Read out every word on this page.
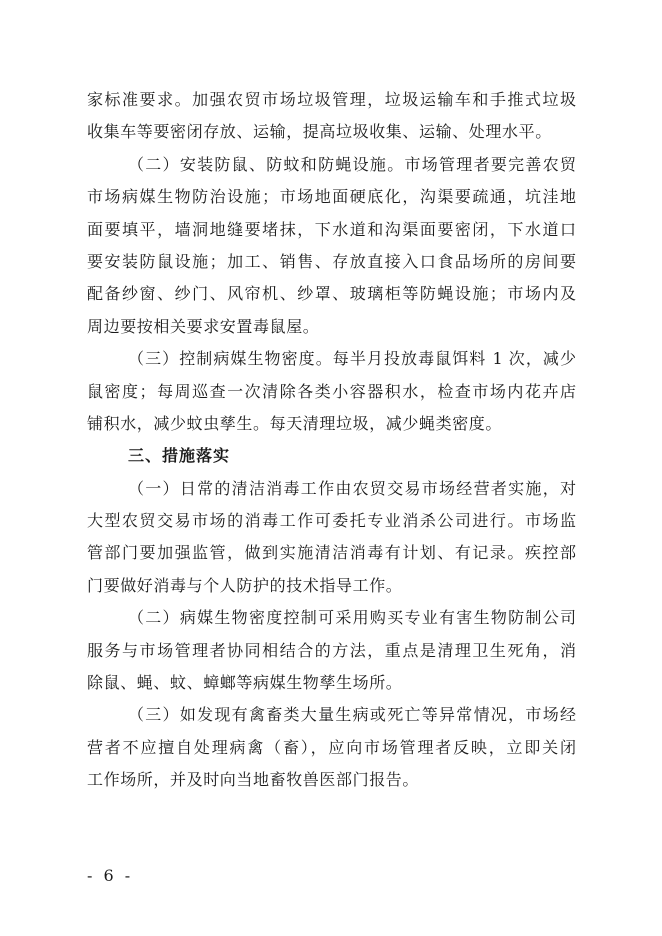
家标准要求。加强农贸市场垃圾管理，垃圾运输车和手推式垃圾
收集车等要密闭存放、运输，提高垃圾收集、运输、处理水平。
（二）安装防鼠、防蚊和防蝇设施。市场管理者要完善农贸
市场病媒生物防治设施；市场地面硬底化，沟渠要疏通，坑洼地
面要填平，墙洞地缝要堵抹，下水道和沟渠面要密闭，下水道口
要安装防鼠设施；加工、销售、存放直接入口食品场所的房间要
配备纱窗、纱门、风帘机、纱罩、玻璃柜等防蝇设施；市场内及
周边要按相关要求安置毒鼠屋。
（三）控制病媒生物密度。每半月投放毒鼠饵料 1 次，减少
鼠密度；每周巡查一次清除各类小容器积水，检查市场内花卉店
铺积水，减少蚊虫孳生。每天清理垃圾，减少蝇类密度。
三、措施落实
（一）日常的清洁消毒工作由农贸交易市场经营者实施，对
大型农贸交易市场的消毒工作可委托专业消杀公司进行。市场监
管部门要加强监管，做到实施清洁消毒有计划、有记录。疾控部
门要做好消毒与个人防护的技术指导工作。
（二）病媒生物密度控制可采用购买专业有害生物防制公司
服务与市场管理者协同相结合的方法，重点是清理卫生死角，消
除鼠、蝇、蚊、蟑螂等病媒生物孳生场所。
（三）如发现有禽畜类大量生病或死亡等异常情况，市场经
营者不应擅自处理病禽（畜），应向市场管理者反映，立即关闭
工作场所，并及时向当地畜牧兽医部门报告。
- 6 -
